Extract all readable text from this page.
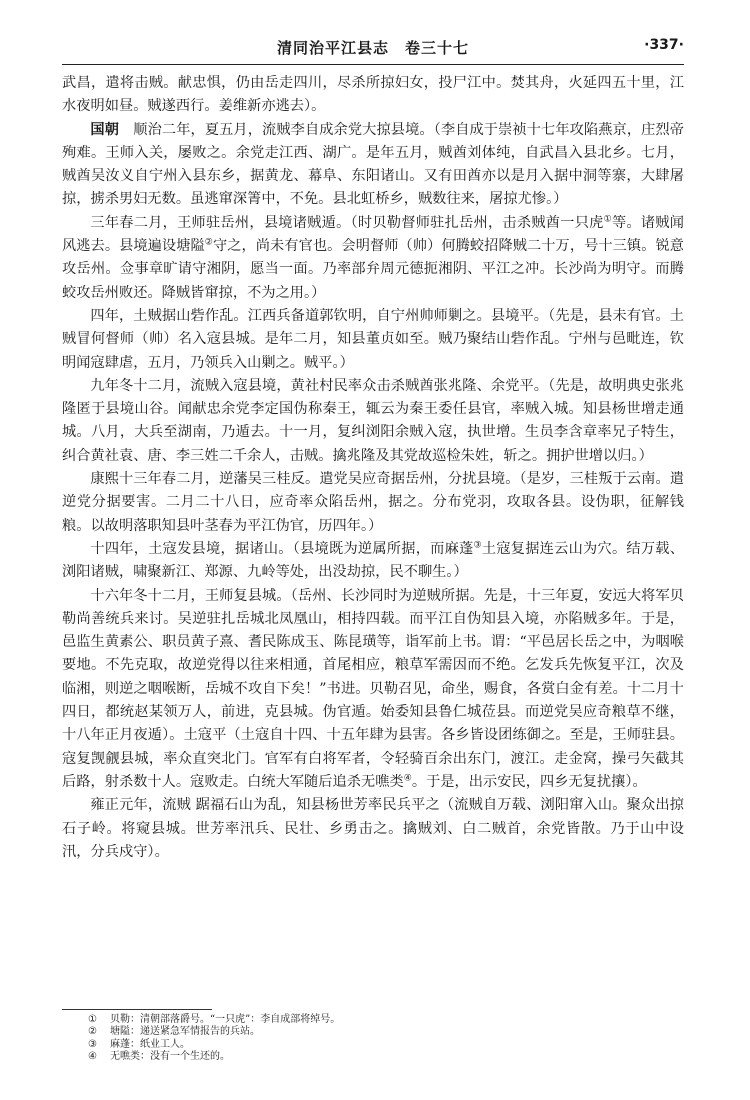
清同治平江县志　卷三十七	·337·

武昌，遣将击贼。献忠惧，仍由岳走四川，尽杀所掠妇女，投尸江中。焚其舟，火延四五十里，江水夜明如昼。贼遂西行。姜维新亦逃去）。

国朝　顺治二年，夏五月，流贼李自成余党大掠县境。（李自成于崇祯十七年攻陷燕京，庄烈帝殉难。王师入关，屡败之。余党走江西、湖广。是年五月，贼酋刘体纯，自武昌入县北乡。七月，贼酋吴汝义自宁州入县东乡，据黄龙、幕阜、东阳诸山。又有田酋亦以是月入据中洞等寨，大肆屠掠，掳杀男妇无数。虽逃窜深箐中，不免。县北虹桥乡，贼数往来，屠掠尤惨。）

三年春二月，王师驻岳州，县境诸贼遁。（时贝勒督师驻扎岳州，击杀贼酋一只虎①等。诸贼闻风逃去。县境遍设塘隘②守之，尚未有官也。会明督师（帅）何腾蛟招降贼二十万，号十三镇。锐意攻岳州。佥事章旷请守湘阴，愿当一面。乃率部弁周元德扼湘阴、平江之冲。长沙尚为明守。而腾蛟攻岳州败还。降贼皆窜掠，不为之用。）

四年，土贼据山砦作乱。江西兵备道郭钦明，自宁州帅师剿之。县境平。（先是，县未有官。土贼冒何督师（帅）名入寇县城。是年二月，知县董贞如至。贼乃聚结山砦作乱。宁州与邑毗连，钦明闻寇肆虐，五月，乃领兵入山剿之。贼平。）

九年冬十二月，流贼入寇县境，黄社村民率众击杀贼酋张兆隆、余党平。（先是，故明典史张兆隆匿于县境山谷。闻献忠余党李定国伪称秦王，辄云为秦王委任县官，率贼入城。知县杨世增走通城。八月，大兵至湖南，乃遁去。十一月，复纠浏阳余贼入寇，执世增。生员李含章率兄子特生，纠合黄社袁、唐、李三姓二千余人，击贼。擒兆隆及其党故巡检朱姓，斩之。拥护世增以归。）

康熙十三年春二月，逆藩吴三桂反。遣党吴应奇据岳州，分扰县境。（是岁，三桂叛于云南。遣逆党分据要害。二月二十八日，应奇率众陷岳州，据之。分布党羽，攻取各县。设伪职，征解钱粮。以故明落职知县叶茎春为平江伪官，历四年。）

十四年，土寇发县境，据诸山。（县境既为逆属所据，而麻蓬③土寇复据连云山为穴。结万载、浏阳诸贼，啸聚新江、郑源、九岭等处，出没劫掠，民不聊生。）

十六年冬十二月，王师复县城。（岳州、长沙同时为逆贼所据。先是，十三年夏，安远大将军贝勒尚善统兵来讨。吴逆驻扎岳城北凤凰山，相持四载。而平江自伪知县入境，亦陷贼多年。于是，邑监生黄素公、职员黄子熹、耆民陈成玉、陈昆璜等，诣军前上书。谓：“平邑居长岳之中，为咽喉要地。不先克取，故逆党得以往来相通，首尾相应，粮草军需因而不绝。乞发兵先恢复平江，次及临湘，则逆之咽喉断，岳城不攻自下矣！”书进。贝勒召见，命坐，赐食，各赏白金有差。十二月十四日，都统赵某领万人，前进，克县城。伪官遁。始委知县鲁仁城莅县。而逆党吴应奇粮草不继，十八年正月夜遁）。土寇平（土寇自十四、十五年肆为县害。各乡皆设团练御之。至是，王师驻县。寇复觊觎县城，率众直突北门。官军有白将军者，令轻骑百余出东门，渡江。走金窝，操弓矢截其后路，射杀数十人。寇败走。白统大军随后追杀无噍类④。于是，出示安民，四乡无复扰攘）。

雍正元年，流贼 踞福石山为乱，知县杨世芳率民兵平之（流贼自万载、浏阳窜入山。聚众出掠石子岭。将窥县城。世芳率汛兵、民壮、乡勇击之。擒贼刘、白二贼首，余党皆散。乃于山中设汛，分兵戍守）。

① 贝勒：清朝部落爵号。“一只虎”：李自成部将绰号。
② 塘隘：递送紧急军情报告的兵站。
③ 麻蓬：纸业工人。
④ 无噍类：没有一个生还的。
